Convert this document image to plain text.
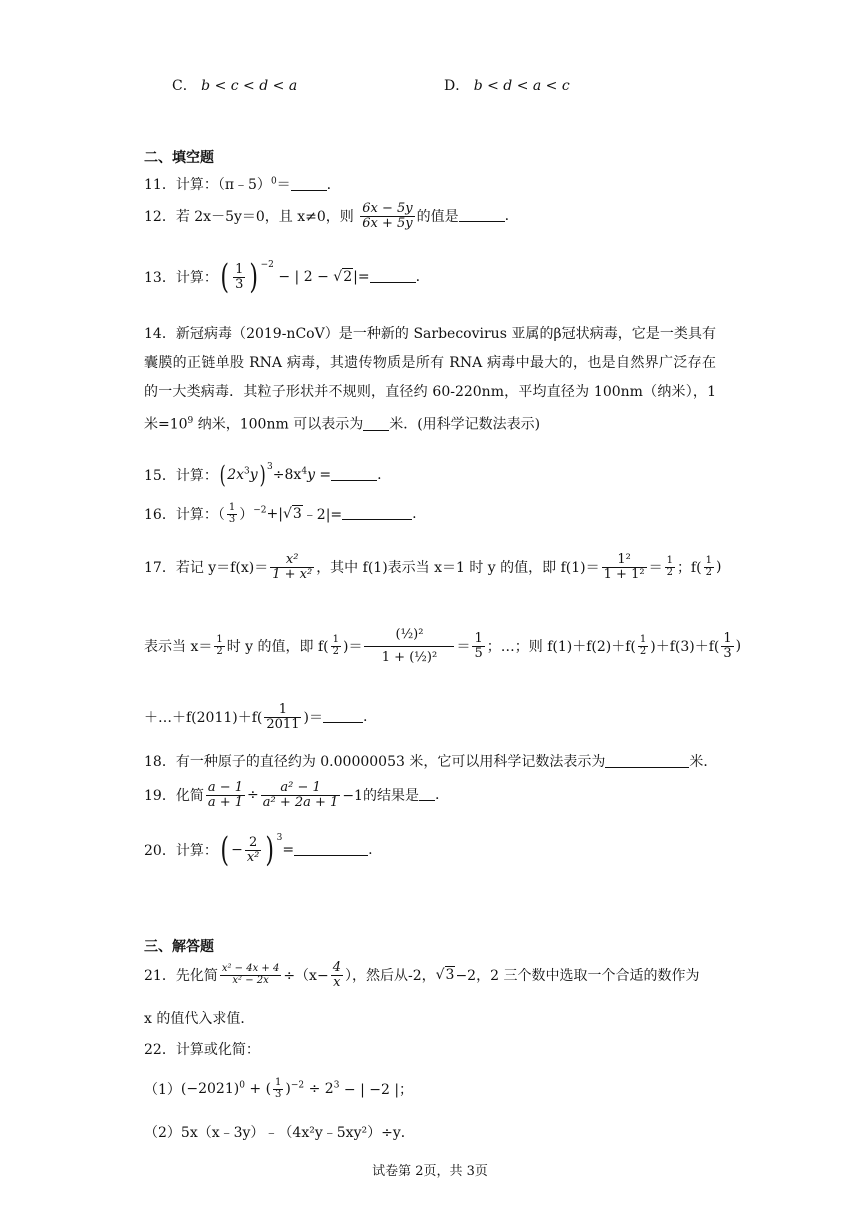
C． b < c < d < a	D． b < d < a < c
二、填空题
11．计算：（π﹣5）$^0$＝	.
12．若 2x－5y＝0，且 x≠0，则 $\frac{6x - 5y}{6x + 5y}$ 的值是	.
13．计算：( $\frac{1}{3}$ ) $^{-2}$ − | 2 − √2|=	.

14．新冠病毒（2019-nCoV）是一种新的 Sarbecovirus 亚属的β冠状病毒，它是一类具有囊膜的正链单股 RNA 病毒，其遗传物质是所有 RNA 病毒中最大的，也是自然界广泛存在的一大类病毒．其粒子形状并不规则，直径约 60-220nm，平均直径为 100nm（纳米），1 米$=10^9$ 纳米，100nm 可以表示为 米．(用科学记数法表示)

15．计算：( $2x^3y$) $^3\div 8x^4y$ =	.
16．计算：（ $\frac{1}{3}$ ）$^{-2}$+|√3﹣2|=	.
17．若记 $y=f(x)= \frac{\text{x²}}{\text{1 + x²}}$ ，其中 f(1)表示当 x＝1 时 y 的值，即 $f(1)= \frac{\text{1²}}{\text{1 + 1²}} = \frac{1}{2}$ ；$f( \frac{1}{2}$ )
表示当 $x= \frac{1}{2}$ 时 y 的值，即 $f( \frac{1}{2}$ )＝ $\frac{\text{(½)²}}{\text{1 + (½)²}} = \frac{1}{5}$ ；…；则 $f(1)+f(2)+f( \frac{1}{2} )+f(3)+f( \frac{1}{3}$ )
＋…＋f(2011)＋f( $\frac{1}{2011}$ )＝	.
18．有一种原子的直径约为 0.00000053 米，它可以用科学记数法表示为	米．
19．化简 $\frac{a - 1}{a + 1} \div \frac{\text{a² − 1}}{\text{a² + 2a + 1}} -1$的结果是 .
20．计算：( − $\frac{2}{\text{x²}}$ ) $^3$=	.
三、解答题
21．先化简 $\frac{\text{x² − 4x + 4}}{\text{x² − 2x}} \div(x- \frac{4}{x}$ ），然后从-2，√3−2，2 三个数中选取一个合适的数作为
x 的值代入求值．
22．计算或化简：
$(1)(-2021)^0$ + ( $\frac{1}{3} )^{-2} \div 2^3$ − | −2 |；
（2）5x（x﹣3y）﹣（4x²y﹣5xy²）÷y．
试卷第 2页，共 3页
